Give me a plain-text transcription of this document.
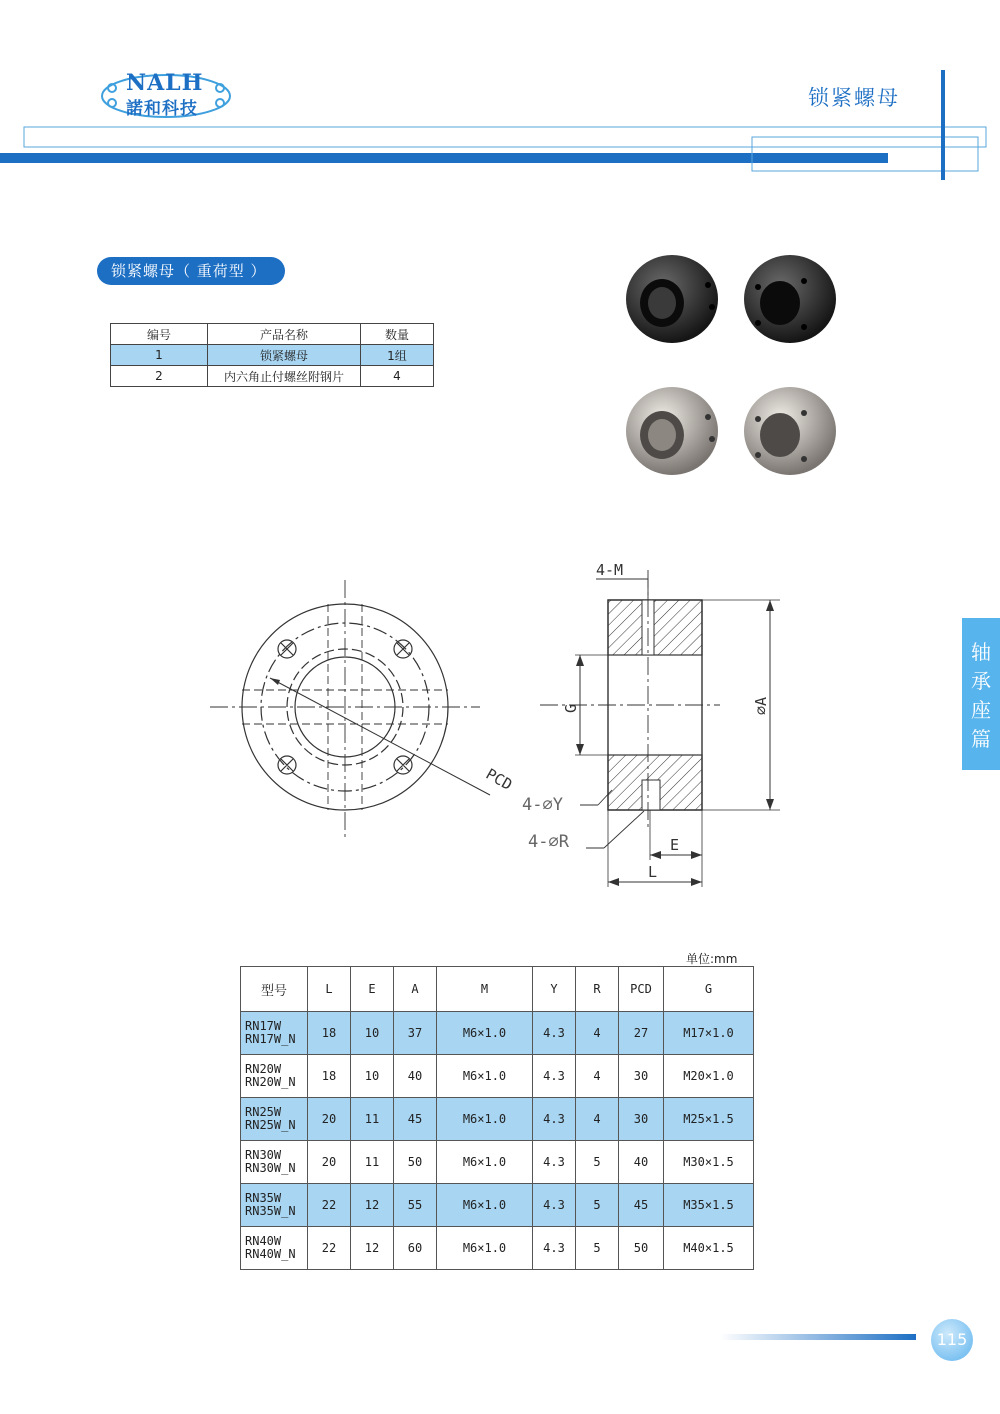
NALH
諾和科技	锁紧螺母
锁紧螺母（ 重荷型 ）
编号	产品名称	数量
1	锁紧螺母	1组
2	内六角止付螺丝附钢片	4
PCD
⌀A
G
4-M
4-⌀Y
4-⌀R	E
L
单位:mm
型号	L	E	A	M	Y	R	PCD	G
RN17W
RN17W_N	18	10	37	M6×1.0	4.3	4	27	M17×1.0
RN20W
RN20W_N	18	10	40	M6×1.0	4.3	4	30	M20×1.0
RN25W
RN25W_N	20	11	45	M6×1.0	4.3	4	30	M25×1.5
RN30W
RN30W_N	20	11	50	M6×1.0	4.3	5	40	M30×1.5
RN35W
RN35W_N	22	12	55	M6×1.0	4.3	5	45	M35×1.5
RN40W
RN40W_N	22	12	60	M6×1.0	4.3	5	50	M40×1.5
轴
承
座
篇
115
